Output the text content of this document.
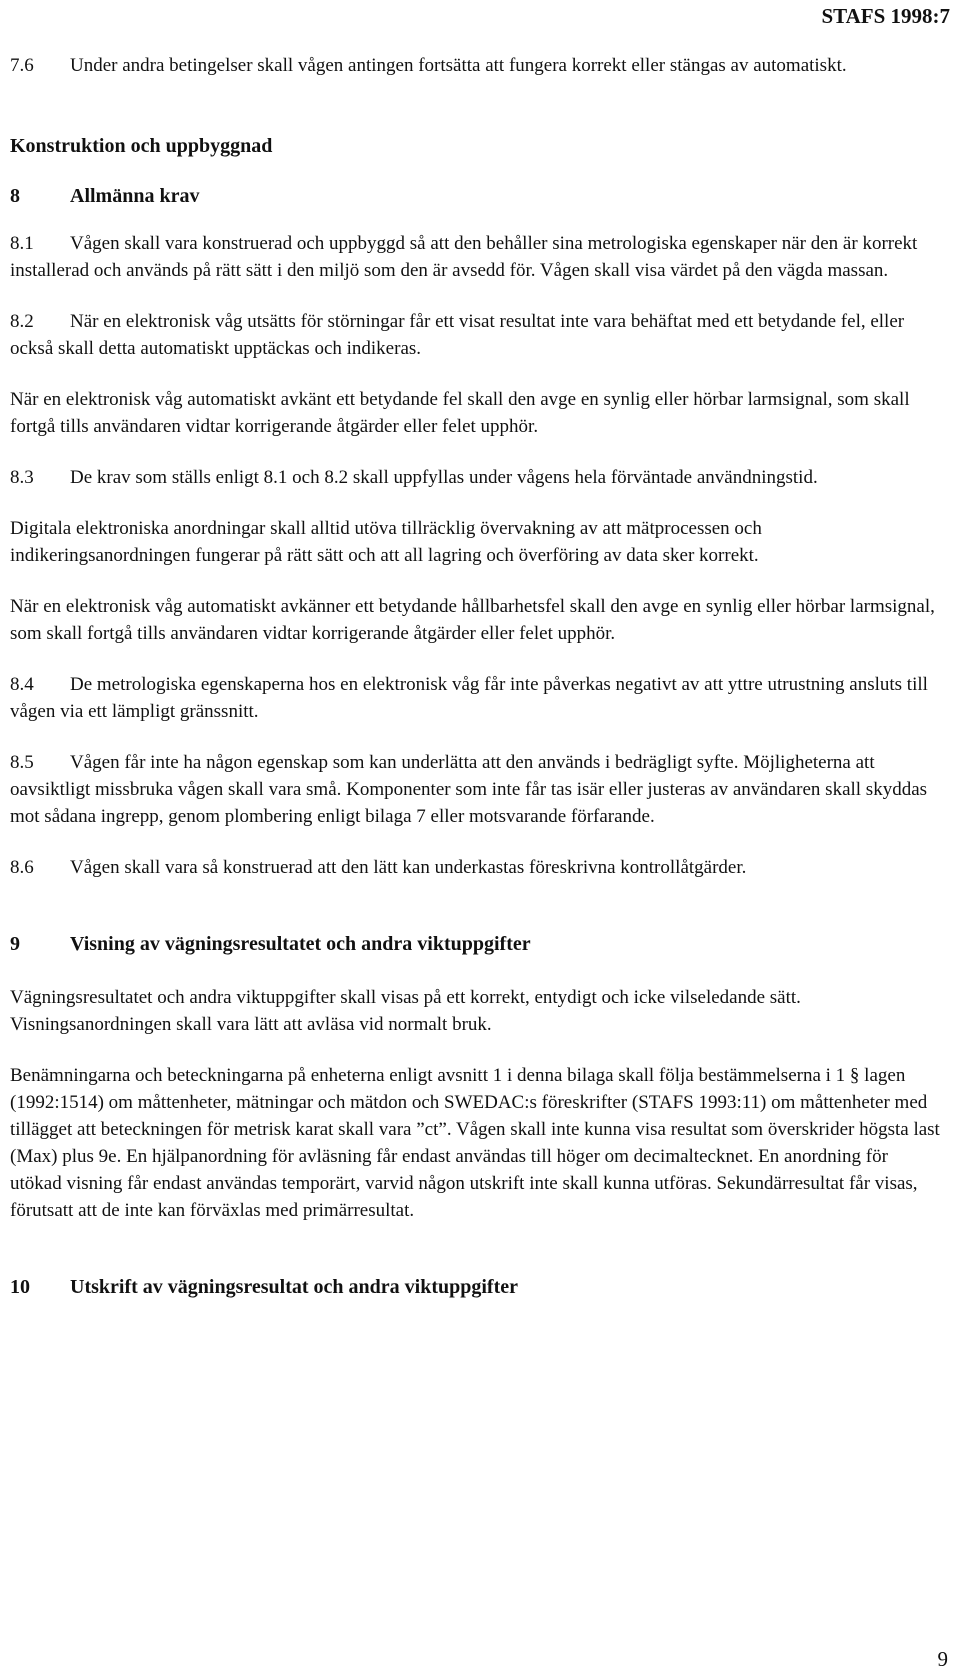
STAFS 1998:7

7.6 Under andra betingelser skall vågen antingen fortsätta att fungera korrekt eller stängas av automatiskt.

Konstruktion och uppbyggnad

8	Allmänna krav

8.1 Vågen skall vara konstruerad och uppbyggd så att den behåller sina metrologiska egenskaper när den är korrekt installerad och används på rätt sätt i den miljö som den är avsedd för. Vågen skall visa värdet på den vägda massan.

8.2 När en elektronisk våg utsätts för störningar får ett visat resultat inte vara behäftat med ett betydande fel, eller också skall detta automatiskt upptäckas och indikeras.

När en elektronisk våg automatiskt avkänt ett betydande fel skall den avge en synlig eller hörbar larmsignal, som skall fortgå tills användaren vidtar korrigerande åtgärder eller felet upphör.

8.3 De krav som ställs enligt 8.1 och 8.2 skall uppfyllas under vågens hela förväntade användningstid.

Digitala elektroniska anordningar skall alltid utöva tillräcklig övervakning av att mätprocessen och indikeringsanordningen fungerar på rätt sätt och att all lagring och överföring av data sker korrekt.

När en elektronisk våg automatiskt avkänner ett betydande hållbarhetsfel skall den avge en synlig eller hörbar larmsignal, som skall fortgå tills användaren vidtar korrigerande åtgärder eller felet upphör.

8.4 De metrologiska egenskaperna hos en elektronisk våg får inte påverkas negativt av att yttre utrustning ansluts till vågen via ett lämpligt gränssnitt.

8.5 Vågen får inte ha någon egenskap som kan underlätta att den används i bedrägligt syfte. Möjligheterna att oavsiktligt missbruka vågen skall vara små. Komponenter som inte får tas isär eller justeras av användaren skall skyddas mot sådana ingrepp, genom plombering enligt bilaga 7 eller motsvarande förfarande.

8.6 Vågen skall vara så konstruerad att den lätt kan underkastas föreskrivna kontrollåtgärder.

9	Visning av vägningsresultatet och andra viktuppgifter

Vägningsresultatet och andra viktuppgifter skall visas på ett korrekt, entydigt och icke vilseledande sätt. Visningsanordningen skall vara lätt att avläsa vid normalt bruk.

Benämningarna och beteckningarna på enheterna enligt avsnitt 1 i denna bilaga skall följa bestämmelserna i 1 § lagen (1992:1514) om måttenheter, mätningar och mätdon och SWEDAC:s föreskrifter (STAFS 1993:11) om måttenheter med tillägget att beteckningen för metrisk karat skall vara ”ct”. Vågen skall inte kunna visa resultat som överskrider högsta last (Max) plus 9e. En hjälpanordning för avläsning får endast användas till höger om decimaltecknet. En anordning för utökad visning får endast användas temporärt, varvid någon utskrift inte skall kunna utföras. Sekundärresultat får visas, förutsatt att de inte kan förväxlas med primärresultat.

10 Utskrift av vägningsresultat och andra viktuppgifter

9
